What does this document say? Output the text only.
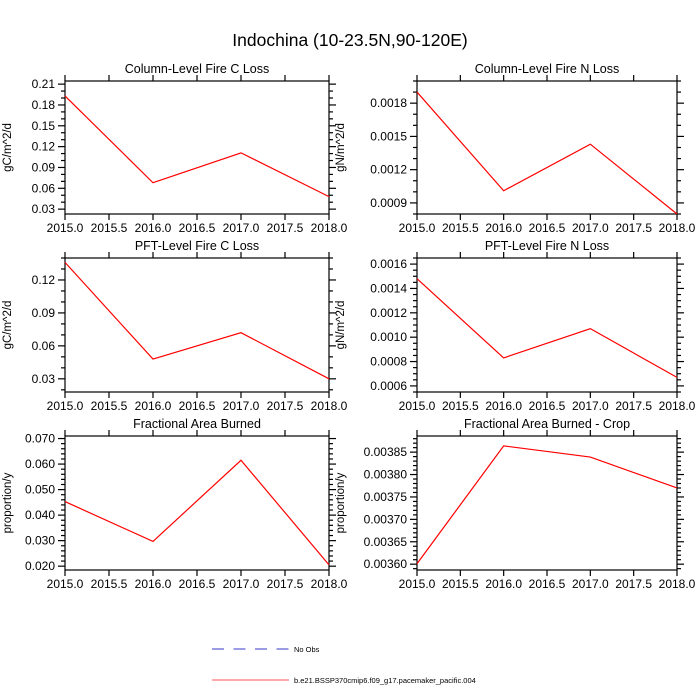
Indochina (10-23.5N,90-120E)
Column-Level Fire C Loss
gC/m^2/d
2015.0 2015.5 2016.0 2016.5 2017.0 2017.5 2018.0
0.03
0.06
0.09
0.12
0.15
0.18
0.21
Column-Level Fire N Loss
gN/m^2/d
2015.0 2015.5 2016.0 2016.5 2017.0 2017.5 2018.0
0.0009
0.0012
0.0015
0.0018
PFT-Level Fire C Loss
gC/m^2/d
2015.0 2015.5 2016.0 2016.5 2017.0 2017.5 2018.0
0.03
0.06
0.09
0.12
PFT-Level Fire N Loss
gN/m^2/d
2015.0 2015.5 2016.0 2016.5 2017.0 2017.5 2018.0
0.0006
0.0008
0.0010
0.0012
0.0014
0.0016
Fractional Area Burned
proportion/y
2015.0 2015.5 2016.0 2016.5 2017.0 2017.5 2018.0
0.020
0.030
0.040
0.050
0.060
0.070
Fractional Area Burned - Crop
proportion/y
2015.0 2015.5 2016.0 2016.5 2017.0 2017.5 2018.0
0.00360
0.00365
0.00370
0.00375
0.00380
0.00385
No Obs
b.e21.BSSP370cmip6.f09_g17.pacemaker_pacific.004
